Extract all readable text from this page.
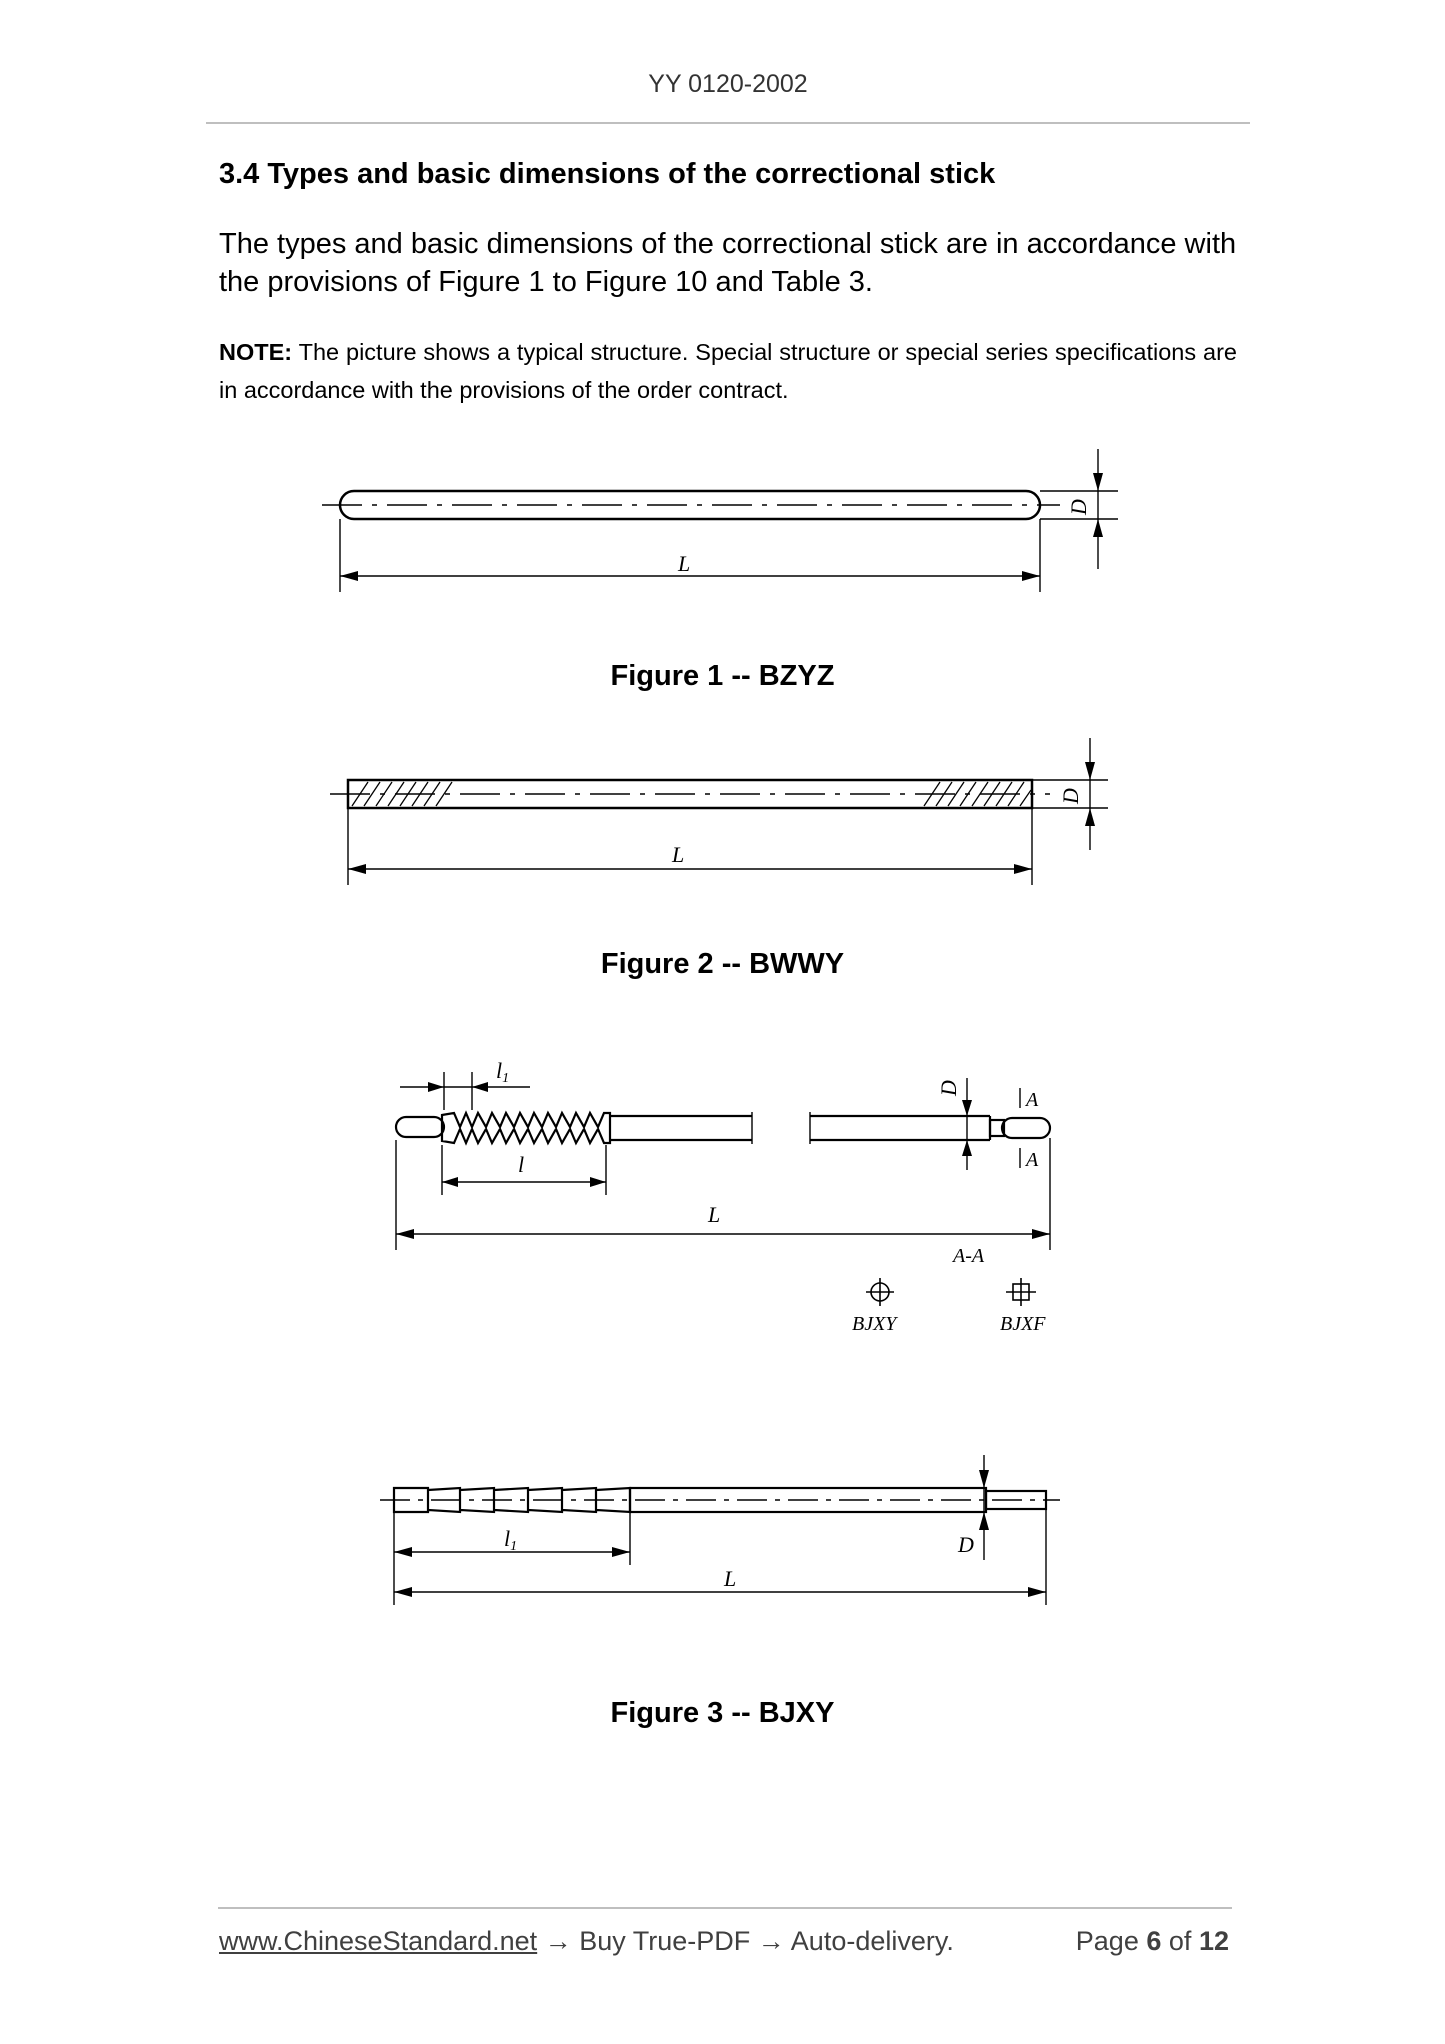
YY 0120-2002
3.4 Types and basic dimensions of the correctional stick
The types and basic dimensions of the correctional stick are in accordance with the provisions of Figure 1 to Figure 10 and Table 3.
NOTE: The picture shows a typical structure. Special structure or special series specifications are in accordance with the provisions of the order contract.
L
D
Figure 1 -- BZYZ
L
D
Figure 2 -- BWWY
l1
l
L
D
A
A
A-A
BJXY	BJXF
l1	D
L
Figure 3 -- BJXY
www.ChineseStandard.net → Buy True-PDF → Auto-delivery.	Page 6 of 12
